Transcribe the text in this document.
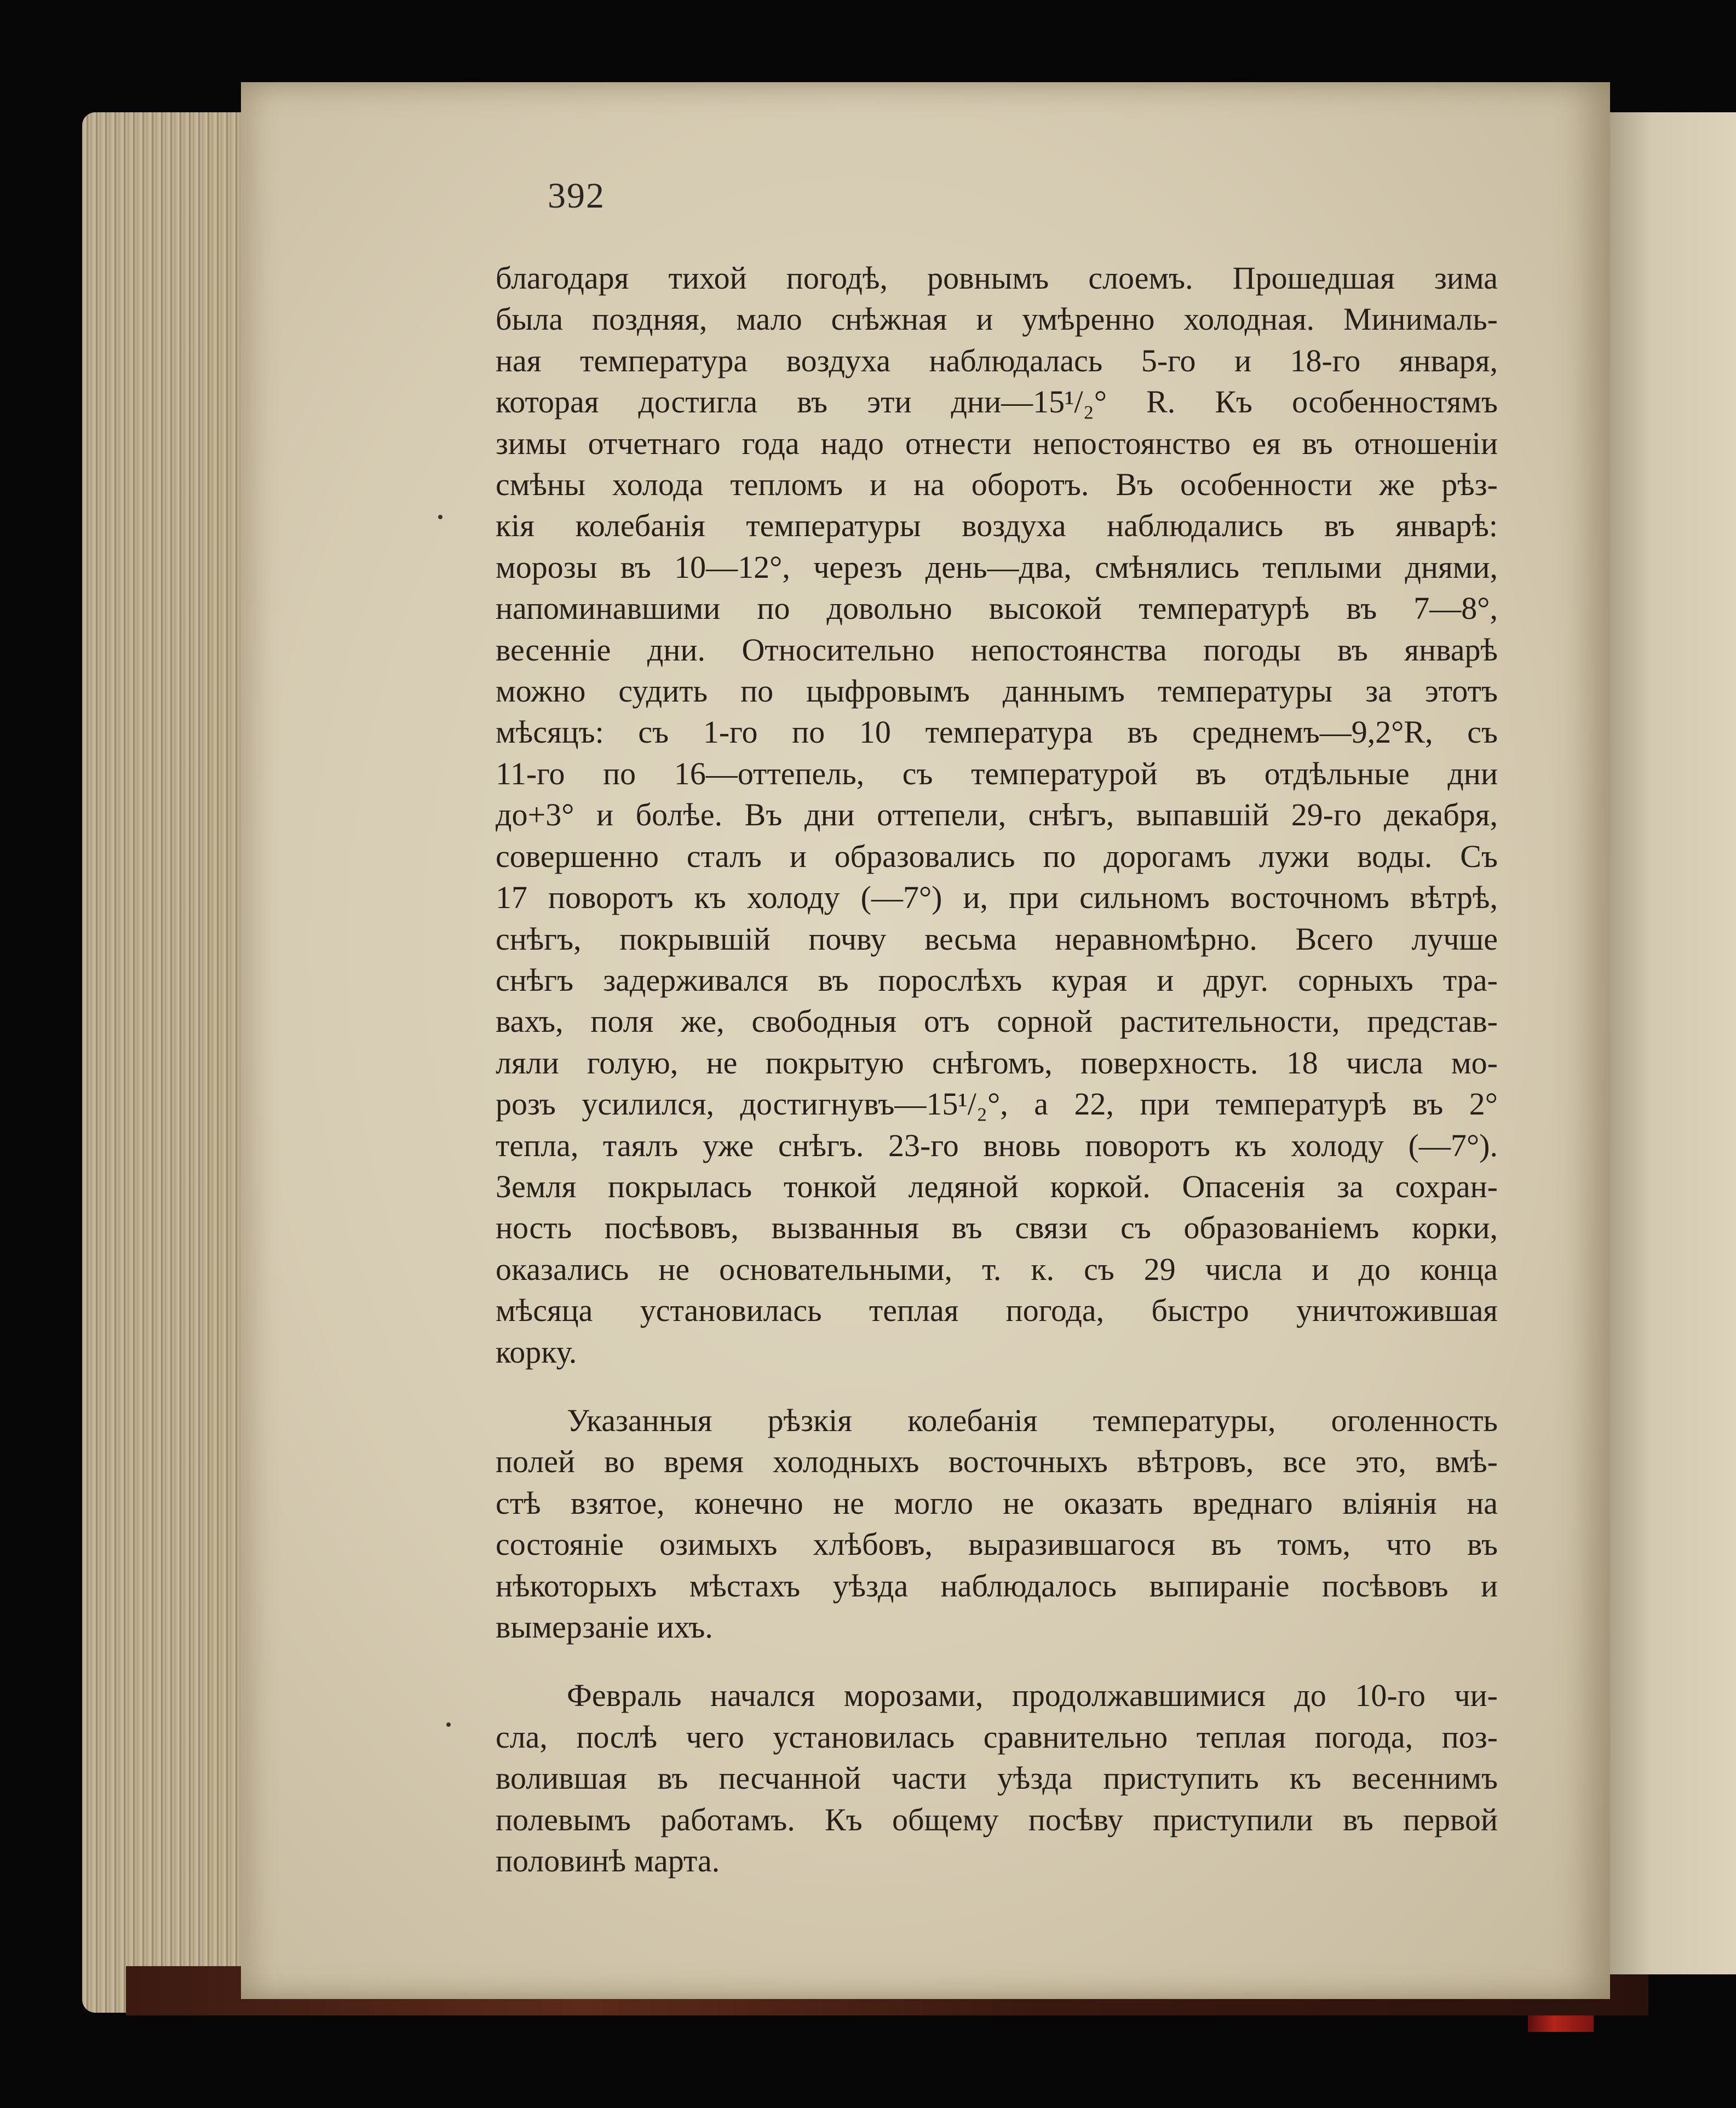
392
благодаря тихой погодѣ, ровнымъ слоемъ. Прошедшая зима
была поздняя, мало снѣжная и умѣренно холодная. Минималь-
ная температура воздуха наблюдалась 5-го и 18-го января,
которая достигла въ эти дни—15¹/₂° R. Къ особенностямъ
зимы отчетнаго года надо отнести непостоянство ея въ отношеніи
смѣны холода тепломъ и на оборотъ. Въ особенности же рѣз-
кія колебанія температуры воздуха наблюдались въ январѣ:
морозы въ 10—12°, черезъ день—два, смѣнялись теплыми днями,
напоминавшими по довольно высокой температурѣ въ 7—8°,
весенніе дни. Относительно непостоянства погоды въ январѣ
можно судить по цыфровымъ даннымъ температуры за этотъ
мѣсяцъ: съ 1-го по 10 температура въ среднемъ—9,2°R, съ
11-го по 16—оттепель, съ температурой въ отдѣльные дни
до+3° и болѣе. Въ дни оттепели, снѣгъ, выпавшій 29-го декабря,
совершенно сталъ и образовались по дорогамъ лужи воды. Съ
17 поворотъ къ холоду (—7°) и, при сильномъ восточномъ вѣтрѣ,
снѣгъ, покрывшій почву весьма неравномѣрно. Всего лучше
снѣгъ задерживался въ порослѣхъ курая и друг. сорныхъ тра-
вахъ, поля же, свободныя отъ сорной растительности, представ-
ляли голую, не покрытую снѣгомъ, поверхность. 18 числа мо-
розъ усилился, достигнувъ—15¹/₂°, а 22, при температурѣ въ 2°
тепла, таялъ уже снѣгъ. 23-го вновь поворотъ къ холоду (—7°).
Земля покрылась тонкой ледяной коркой. Опасенія за сохран-
ность посѣвовъ, вызванныя въ связи съ образованіемъ корки,
оказались не основательными, т. к. съ 29 числа и до конца
мѣсяца установилась теплая погода, быстро уничтожившая
корку.
Указанныя рѣзкія колебанія температуры, оголенность
полей во время холодныхъ восточныхъ вѣтровъ, все это, вмѣ-
стѣ взятое, конечно не могло не оказать вреднаго вліянія на
состояніе озимыхъ хлѣбовъ, выразившагося въ томъ, что въ
нѣкоторыхъ мѣстахъ уѣзда наблюдалось выпираніе посѣвовъ и
вымерзаніе ихъ.
Февраль началcя морозами, продолжавшимися до 10-го чи-
сла, послѣ чего установилась сравнительно теплая погода, поз-
волившая въ песчанной части уѣзда приступить къ весеннимъ
полевымъ работамъ. Къ общему посѣву приступили въ первой
половинѣ марта.
